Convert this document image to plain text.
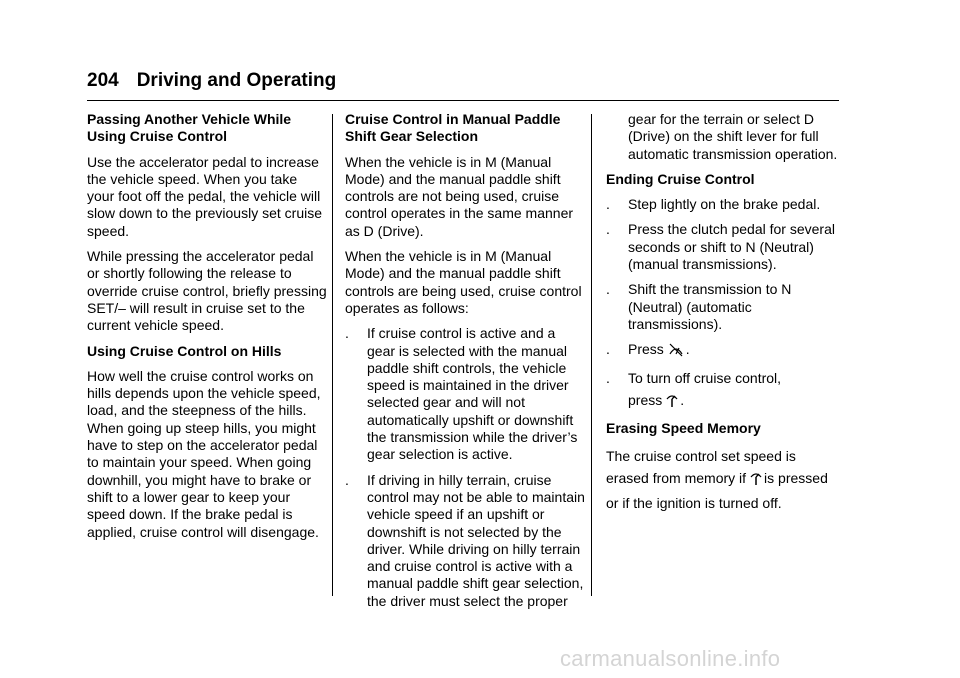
204 Driving and Operating
Passing Another Vehicle While Using Cruise Control

Use the accelerator pedal to increase the vehicle speed. When you take your foot off the pedal, the vehicle will slow down to the previously set cruise speed.

While pressing the accelerator pedal or shortly following the release to override cruise control, briefly pressing SET/– will result in cruise set to the current vehicle speed.

Using Cruise Control on Hills

How well the cruise control works on hills depends upon the vehicle speed, load, and the steepness of the hills. When going up steep hills, you might have to step on the accelerator pedal to maintain your speed. When going downhill, you might have to brake or shift to a lower gear to keep your speed down. If the brake pedal is applied, cruise control will disengage.

Cruise Control in Manual Paddle Shift Gear Selection

When the vehicle is in M (Manual Mode) and the manual paddle shift controls are not being used, cruise control operates in the same manner as D (Drive).

When the vehicle is in M (Manual Mode) and the manual paddle shift controls are being used, cruise control operates as follows:

.	If cruise control is active and a gear is selected with the manual paddle shift controls, the vehicle speed is maintained in the driver selected gear and will not automatically upshift or downshift the transmission while the driver’s gear selection is active.
.	If driving in hilly terrain, cruise control may not be able to maintain vehicle speed if an upshift or downshift is not selected by the driver. While driving on hilly terrain and cruise control is active with a manual paddle shift gear selection, the driver must select the proper

gear for the terrain or select D (Drive) on the shift lever for full automatic transmission operation.

Ending Cruise Control
.	Step lightly on the brake pedal.
.	Press the clutch pedal for several seconds or shift to N (Neutral) (manual transmissions).
.	Shift the transmission to N (Neutral) (automatic transmissions).
.	Press .
.	To turn off cruise control,
press .
Erasing Speed Memory

The cruise control set speed is
erased from memory if is pressed
or if the ignition is turned off.

carmanualsonline.info
